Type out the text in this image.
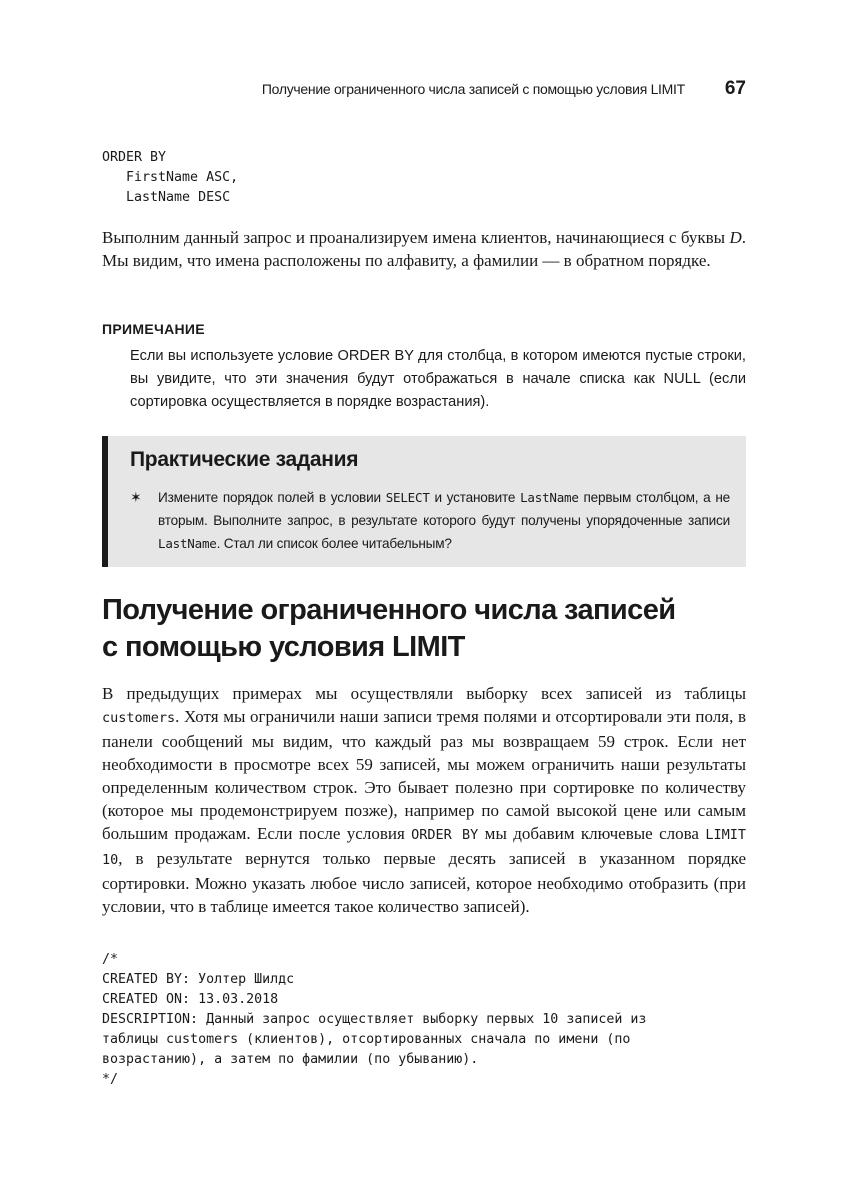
Получение ограниченного числа записей с помощью условия LIMIT 67
ORDER BY
FirstName ASC,
LastName DESC

Выполним данный запрос и проанализируем имена клиентов, начинающиеся с буквы D. Мы видим, что имена расположены по алфавиту, а фамилии — в обратном порядке.

ПРИМЕЧАНИЕ

Если вы используете условие ORDER BY для столбца, в котором имеются пустые строки, вы увидите, что эти значения будут отображаться в начале списка как NULL (если сортировка осуществляется в порядке возрастания).

Практические задания
✶ Измените порядок полей в условии SELECT и установите LastName первым столбцом, а не вторым. Выполните запрос, в результате которого будут получены упорядоченные записи LastName. Стал ли список более читабельным?
Получение ограниченного числа записей
с помощью условия LIMIT

В предыдущих примерах мы осуществляли выборку всех записей из таблицы customers. Хотя мы ограничили наши записи тремя полями и отсортировали эти поля, в панели сообщений мы видим, что каждый раз мы возвращаем 59 строк. Если нет необходимости в просмотре всех 59 записей, мы можем ограничить наши результаты определенным количеством строк. Это бывает полезно при сортировке по количеству (которое мы продемонстрируем позже), например по самой высокой цене или самым большим продажам. Если после условия ORDER BY мы добавим ключевые слова LIMIT 10, в результате вернутся только первые десять записей в указанном порядке сортировки. Можно указать любое число записей, которое необходимо отобразить (при условии, что в таблице имеется такое количество записей).

/*
CREATED BY: Уолтер Шилдс
CREATED ON: 13.03.2018
DESCRIPTION: Данный запрос осуществляет выборку первых 10 записей из
таблицы customers (клиентов), отсортированных сначала по имени (по
возрастанию), а затем по фамилии (по убыванию).
*/
